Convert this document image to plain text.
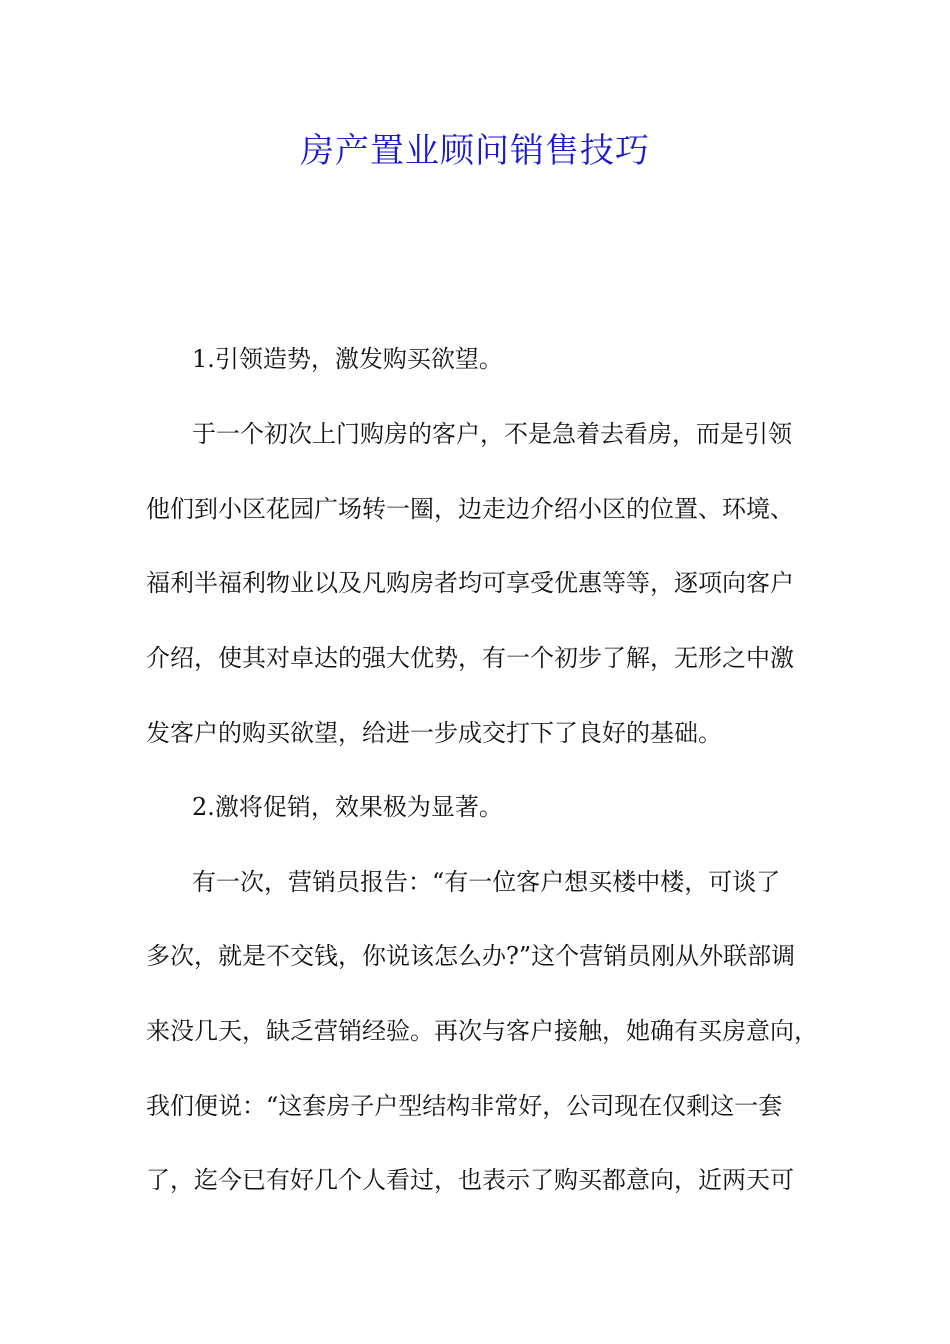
房产置业顾问销售技巧

1.引领造势，激发购买欲望。

于一个初次上门购房的客户，不是急着去看房，而是引领

他们到小区花园广场转一圈，边走边介绍小区的位置、环境、

福利半福利物业以及凡购房者均可享受优惠等等，逐项向客户

介绍，使其对卓达的强大优势，有一个初步了解，无形之中激

发客户的购买欲望，给进一步成交打下了良好的基础。

2.激将促销，效果极为显著。

有一次，营销员报告：“有一位客户想买楼中楼，可谈了

多次，就是不交钱，你说该怎么办?”这个营销员刚从外联部调

来没几天，缺乏营销经验。再次与客户接触，她确有买房意向，

我们便说：“这套房子户型结构非常好，公司现在仅剩这一套

了，迄今已有好几个人看过，也表示了购买都意向，近两天可
